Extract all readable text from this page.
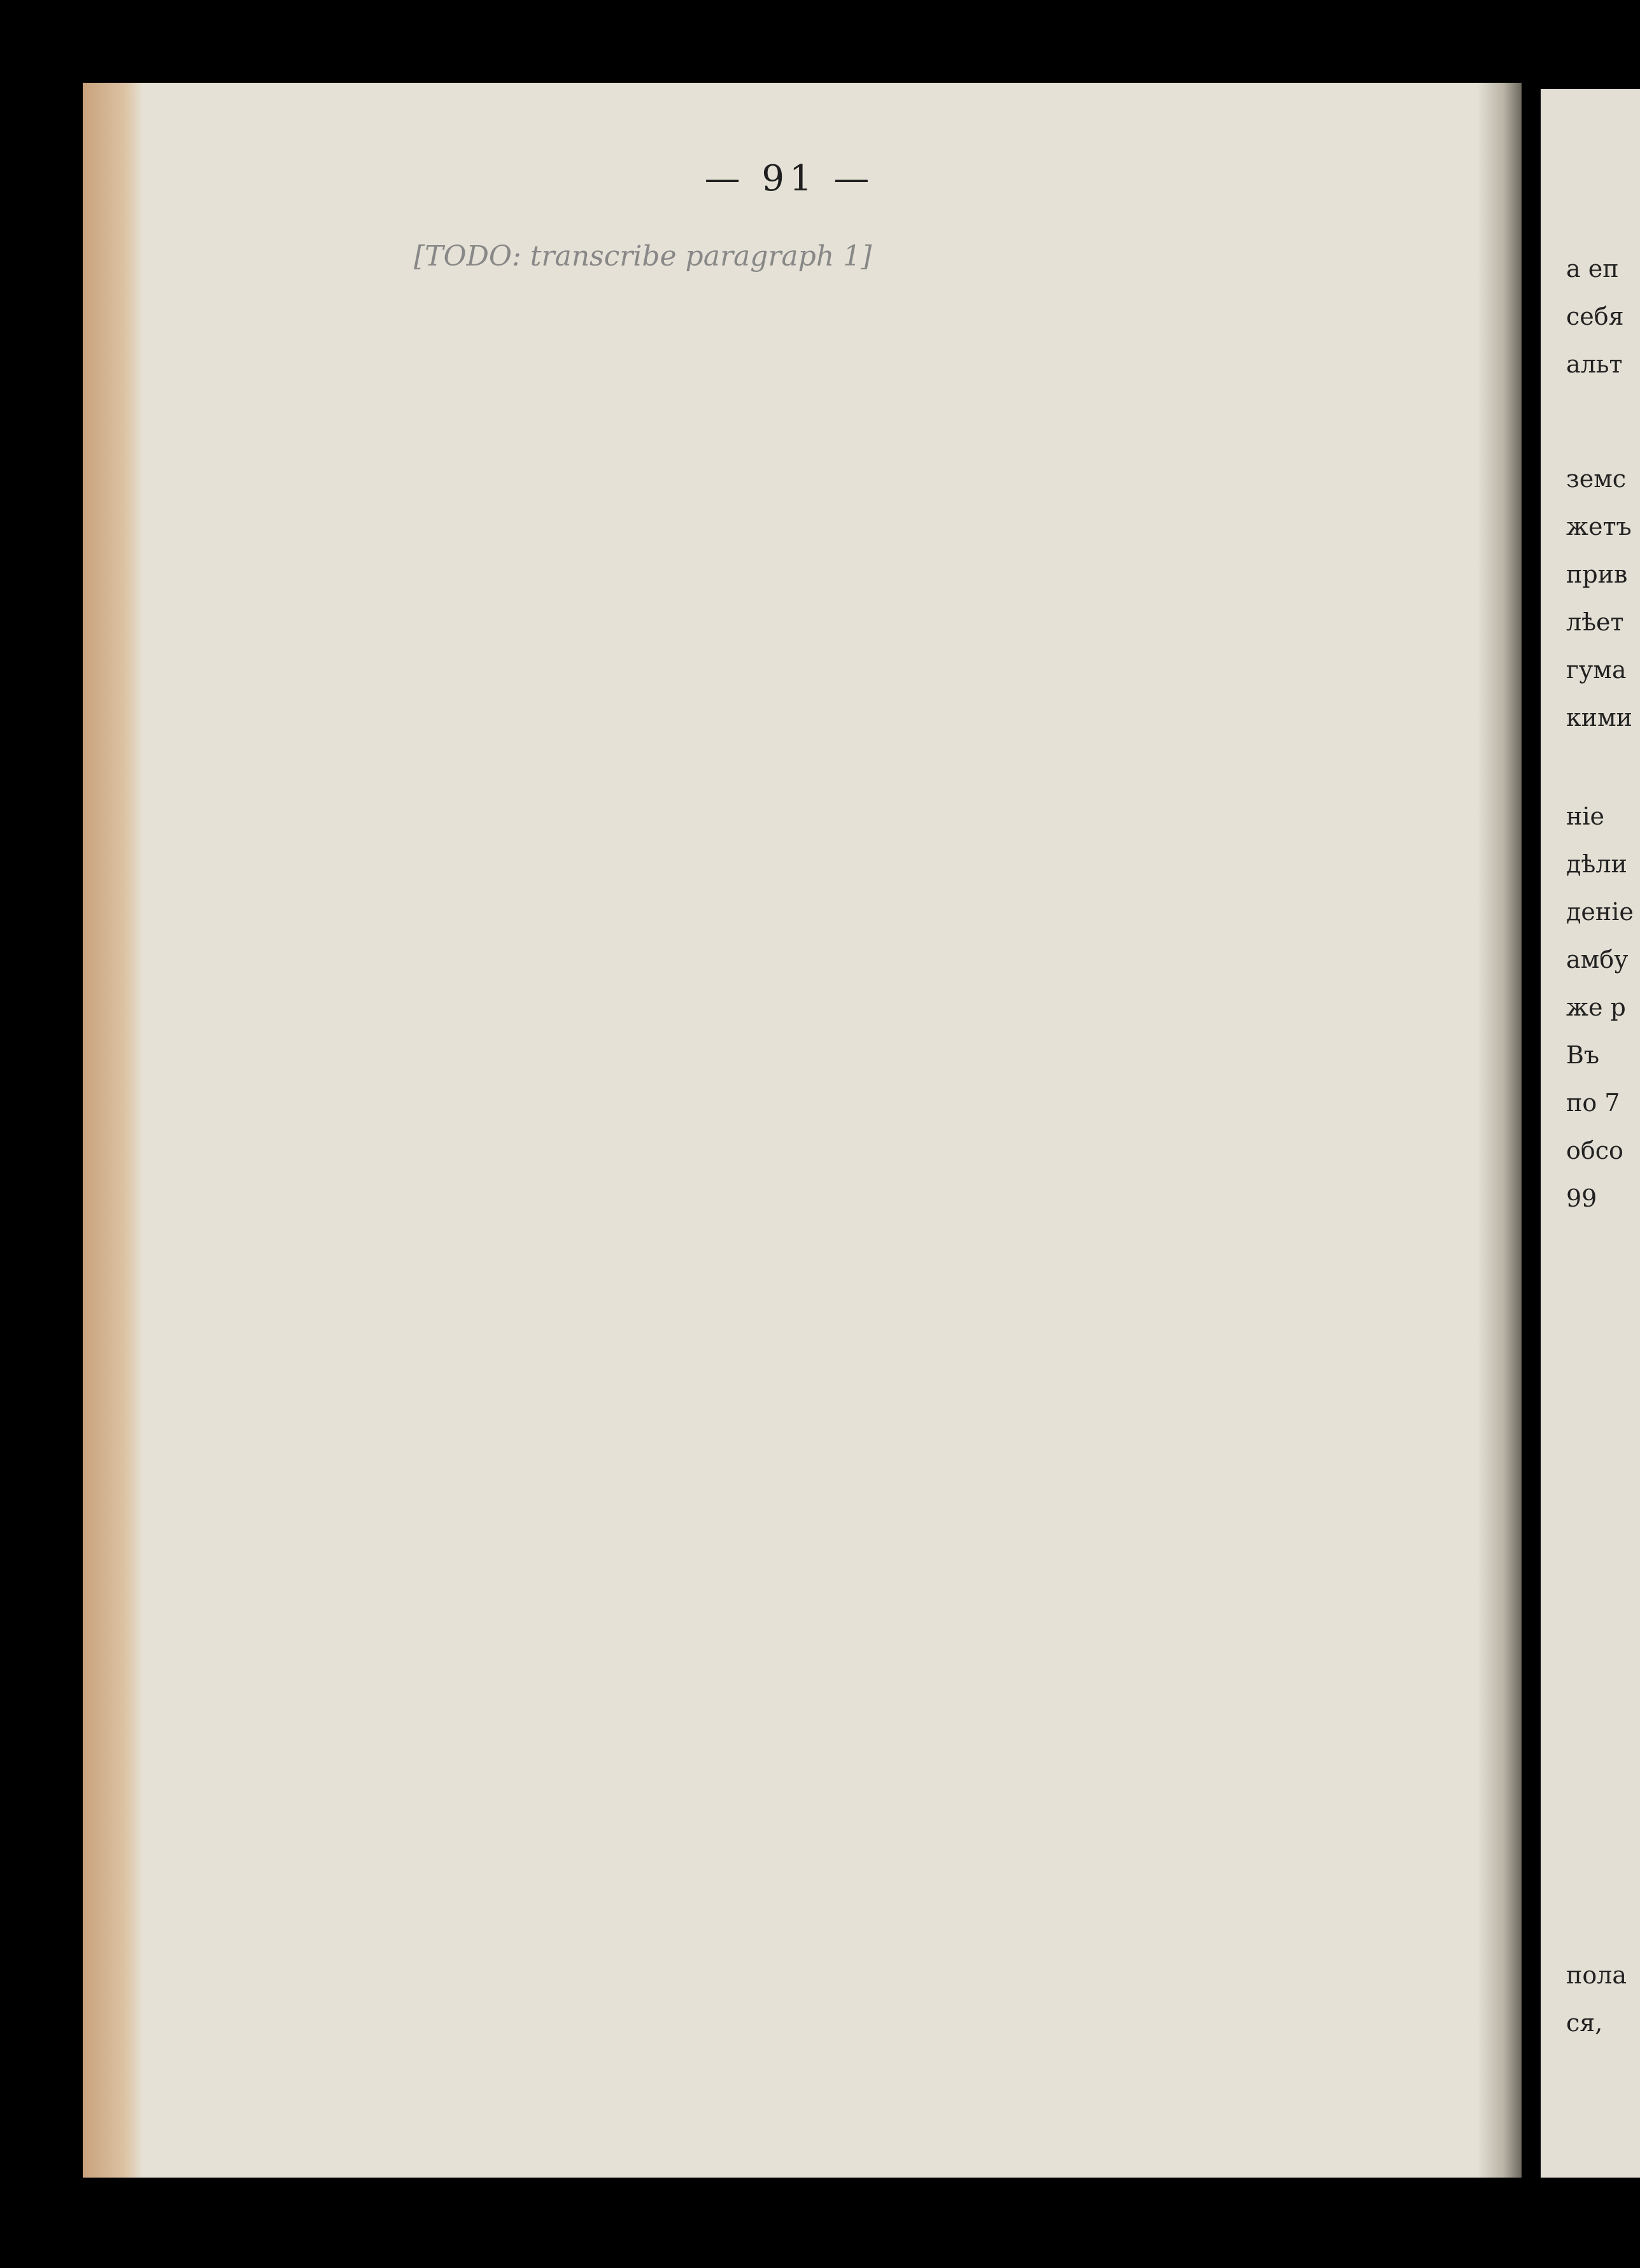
— 91 —

[TODO: transcribe paragraph 1]	а еп
себя
альт
земс
жетъ
прив
лѣет
гума
кими
ніе
дѣли
деніе
амбу
же р
Въ
по 7
обсо
99
пола
ся,
